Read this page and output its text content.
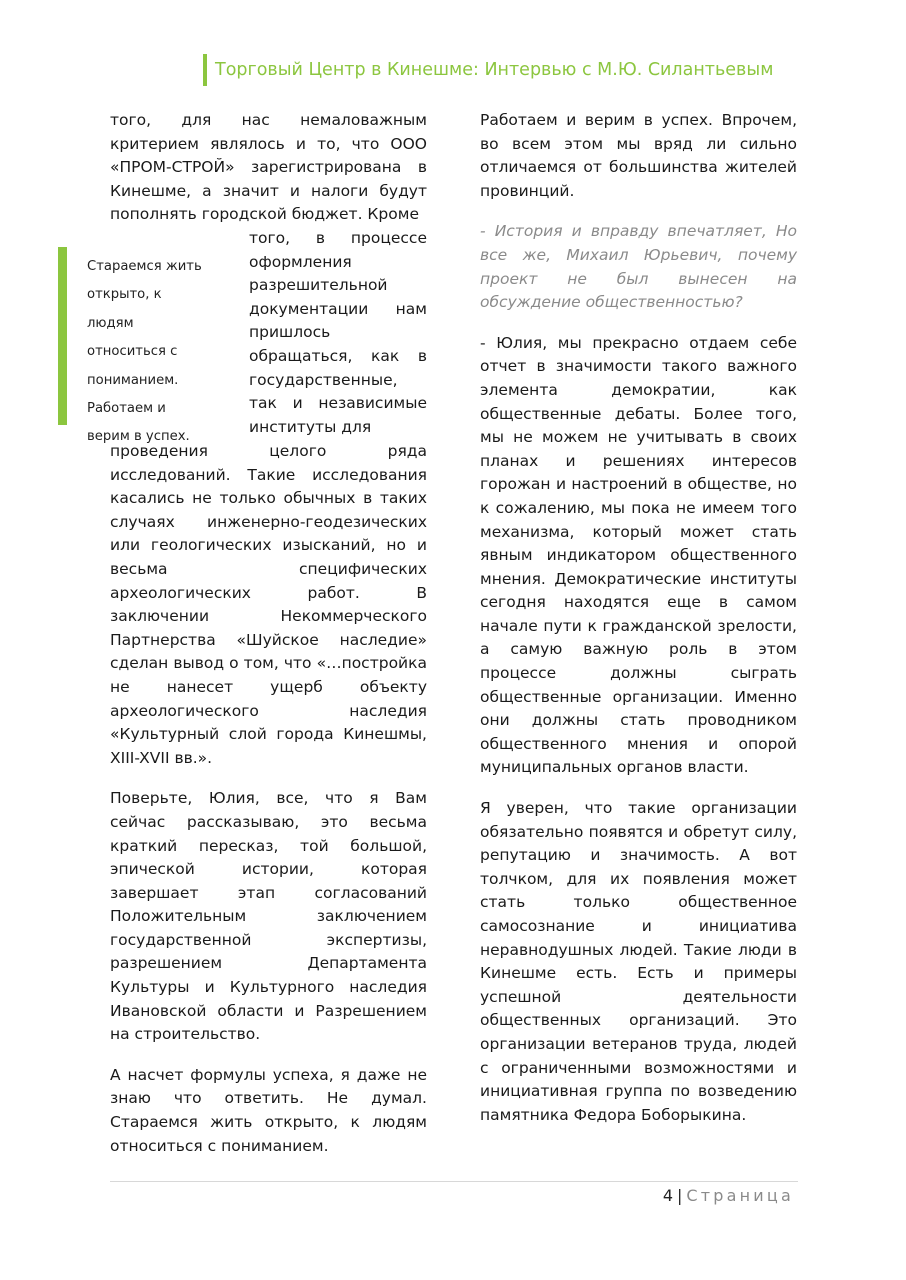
Торговый Центр в Кинешме: Интервью с М.Ю. Силантьевым

того, для нас немаловажным критерием являлось и то, что ООО «ПРОМ-СТРОЙ» зарегистрирована в Кинешме, а значит и налоги будут пополнять городской бюджет. Кроме

того, в процессе оформления разрешительной документации нам пришлось обращаться, как в государственные, так и независимые институты для

Стараемся жить открыто, к людям относиться с пониманием. Работаем и верим в успех.

проведения целого ряда исследований. Такие исследования касались не только обычных в таких случаях инженерно-геодезических или геологических изысканий, но и весьма специфических археологических работ. В заключении Некоммерческого Партнерства «Шуйское наследие» сделан вывод о том, что «…постройка не нанесет ущерб объекту археологического наследия «Культурный слой города Кинешмы, XIII-XVII вв.».

Поверьте, Юлия, все, что я Вам сейчас рассказываю, это весьма краткий пересказ, той большой, эпической истории, которая завершает этап согласований Положительным заключением государственной экспертизы, разрешением Департамента Культуры и Культурного наследия Ивановской области и Разрешением на строительство.

А насчет формулы успеха, я даже не знаю что ответить. Не думал. Стараемся жить открыто, к людям относиться с пониманием.

Работаем и верим в успех. Впрочем, во всем этом мы вряд ли сильно отличаемся от большинства жителей провинций.

- История и вправду впечатляет, Но все же, Михаил Юрьевич, почему проект не был вынесен на обсуждение общественностью?

- Юлия, мы прекрасно отдаем себе отчет в значимости такого важного элемента демократии, как общественные дебаты. Более того, мы не можем не учитывать в своих планах и решениях интересов горожан и настроений в обществе, но к сожалению, мы пока не имеем того механизма, который может стать явным индикатором общественного мнения. Демократические институты сегодня находятся еще в самом начале пути к гражданской зрелости, а самую важную роль в этом процессе должны сыграть общественные организации. Именно они должны стать проводником общественного мнения и опорой муниципальных органов власти.

Я уверен, что такие организации обязательно появятся и обретут силу, репутацию и значимость. А вот толчком, для их появления может стать только общественное самосознание и инициатива неравнодушных людей. Такие люди в Кинешме есть. Есть и примеры успешной деятельности общественных организаций. Это организации ветеранов труда, людей с ограниченными возможностями и инициативная группа по возведению памятника Федора Боборыкина.

4 | Страница
